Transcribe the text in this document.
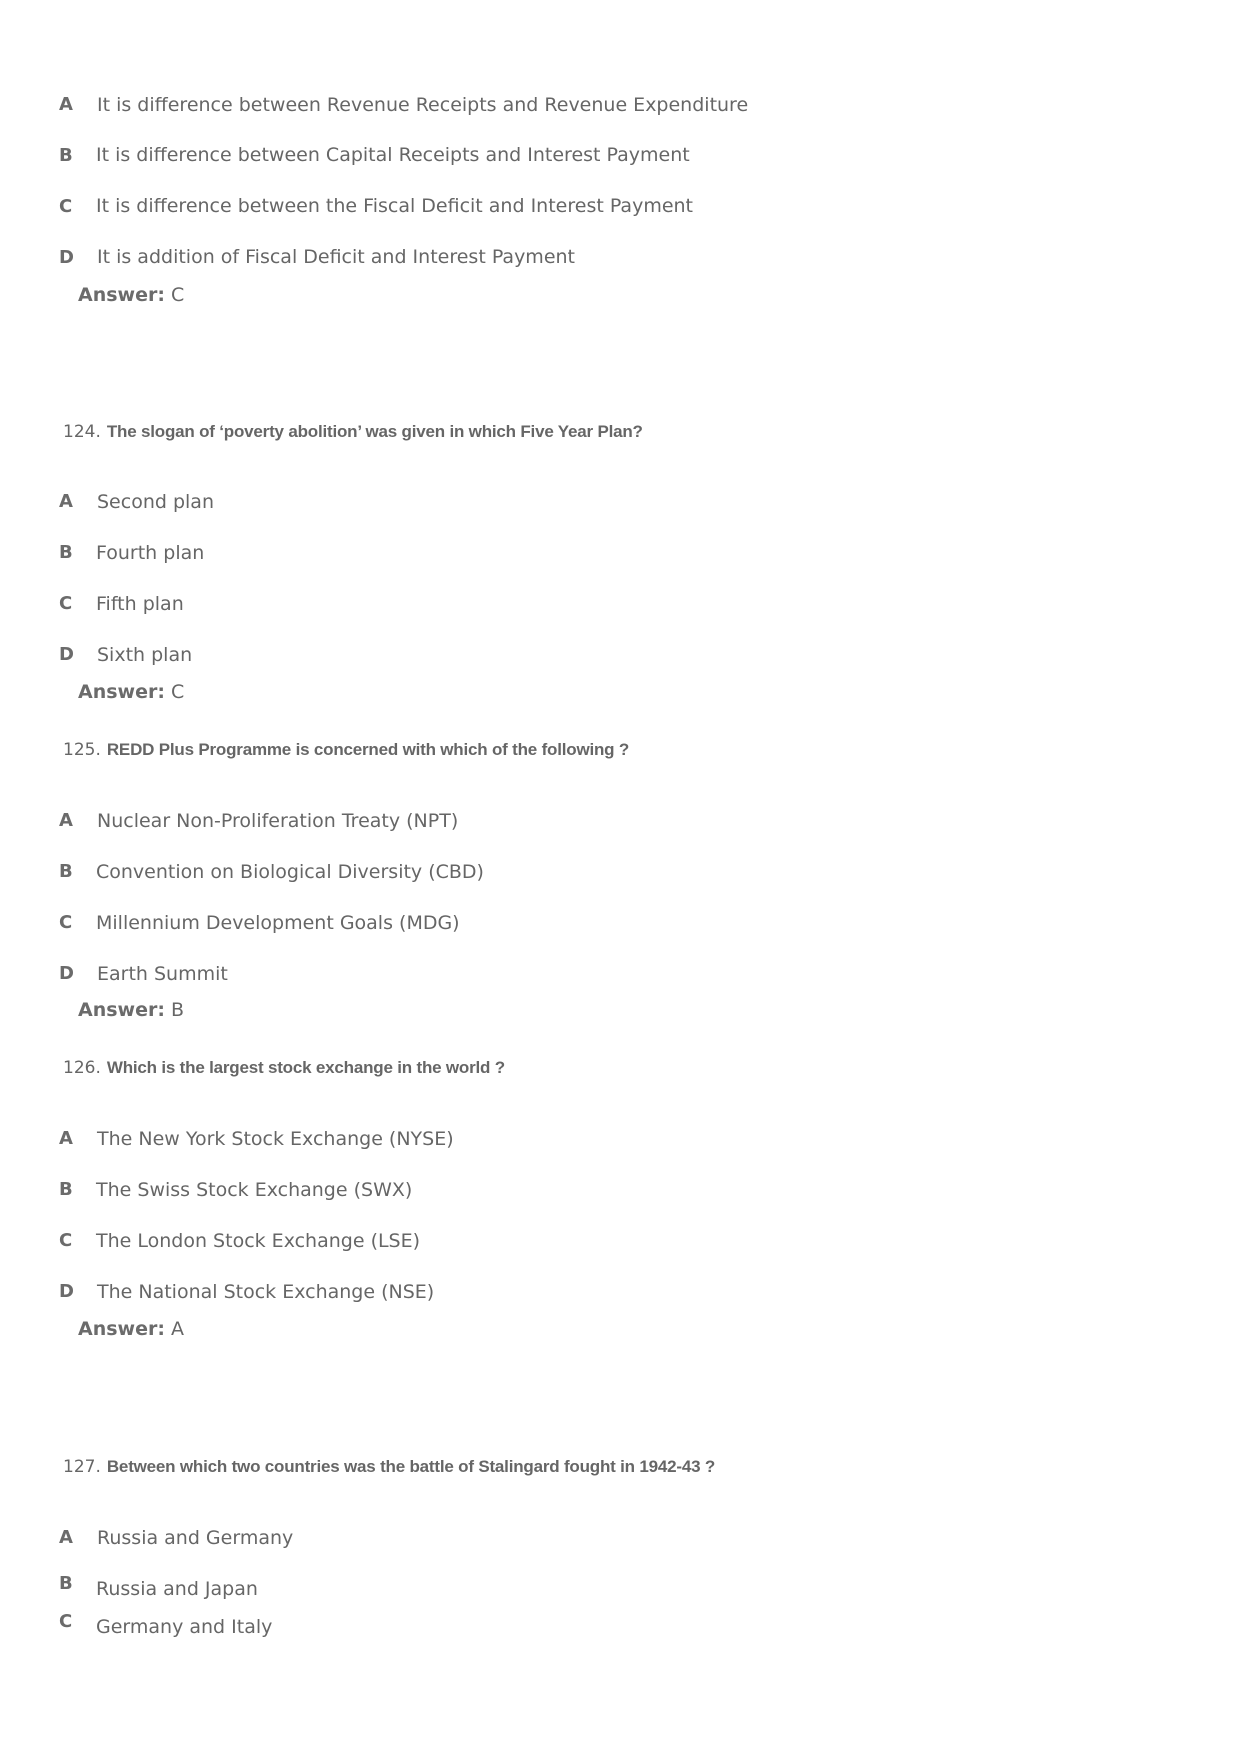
A It is difference between Revenue Receipts and Revenue Expenditure
B It is difference between Capital Receipts and Interest Payment
C It is difference between the Fiscal Deficit and Interest Payment
D It is addition of Fiscal Deficit and Interest Payment
Answer: C
124. The slogan of ‘poverty abolition’ was given in which Five Year Plan?
A Second plan
B Fourth plan
C Fifth plan
D Sixth plan
Answer: C
125. REDD Plus Programme is concerned with which of the following ?
A Nuclear Non-Proliferation Treaty (NPT)
B Convention on Biological Diversity (CBD)
C Millennium Development Goals (MDG)
D Earth Summit
Answer: B
126. Which is the largest stock exchange in the world ?
A The New York Stock Exchange (NYSE)
B The Swiss Stock Exchange (SWX)
C The London Stock Exchange (LSE)
D The National Stock Exchange (NSE)
Answer: A
127. Between which two countries was the battle of Stalingard fought in 1942-43 ?
A Russia and Germany
B Russia and Japan
C Germany and Italy
